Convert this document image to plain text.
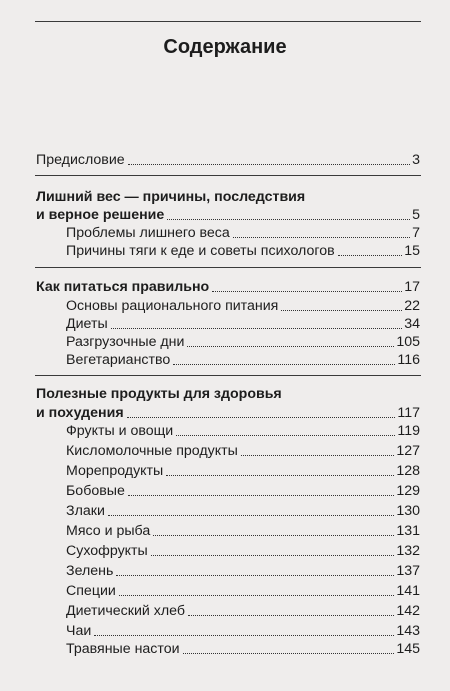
Содержание
Предисловие	3
Лишний вес — причины, последствия
и верное решение	5
Проблемы лишнего веса	7
Причины тяги к еде и советы психологов	15
Как питаться правильно	17
Основы рационального питания	22
Диеты	34
Разгрузочные дни	105
Вегетарианство	116
Полезные продукты для здоровья
и похудения	117
Фрукты и овощи	119
Кисломолочные продукты	127
Морепродукты	128
Бобовые	129
Злаки	130
Мясо и рыба	131
Сухофрукты	132
Зелень	137
Специи	141
Диетический хлеб	142
Чаи	143
Травяные настои	145
